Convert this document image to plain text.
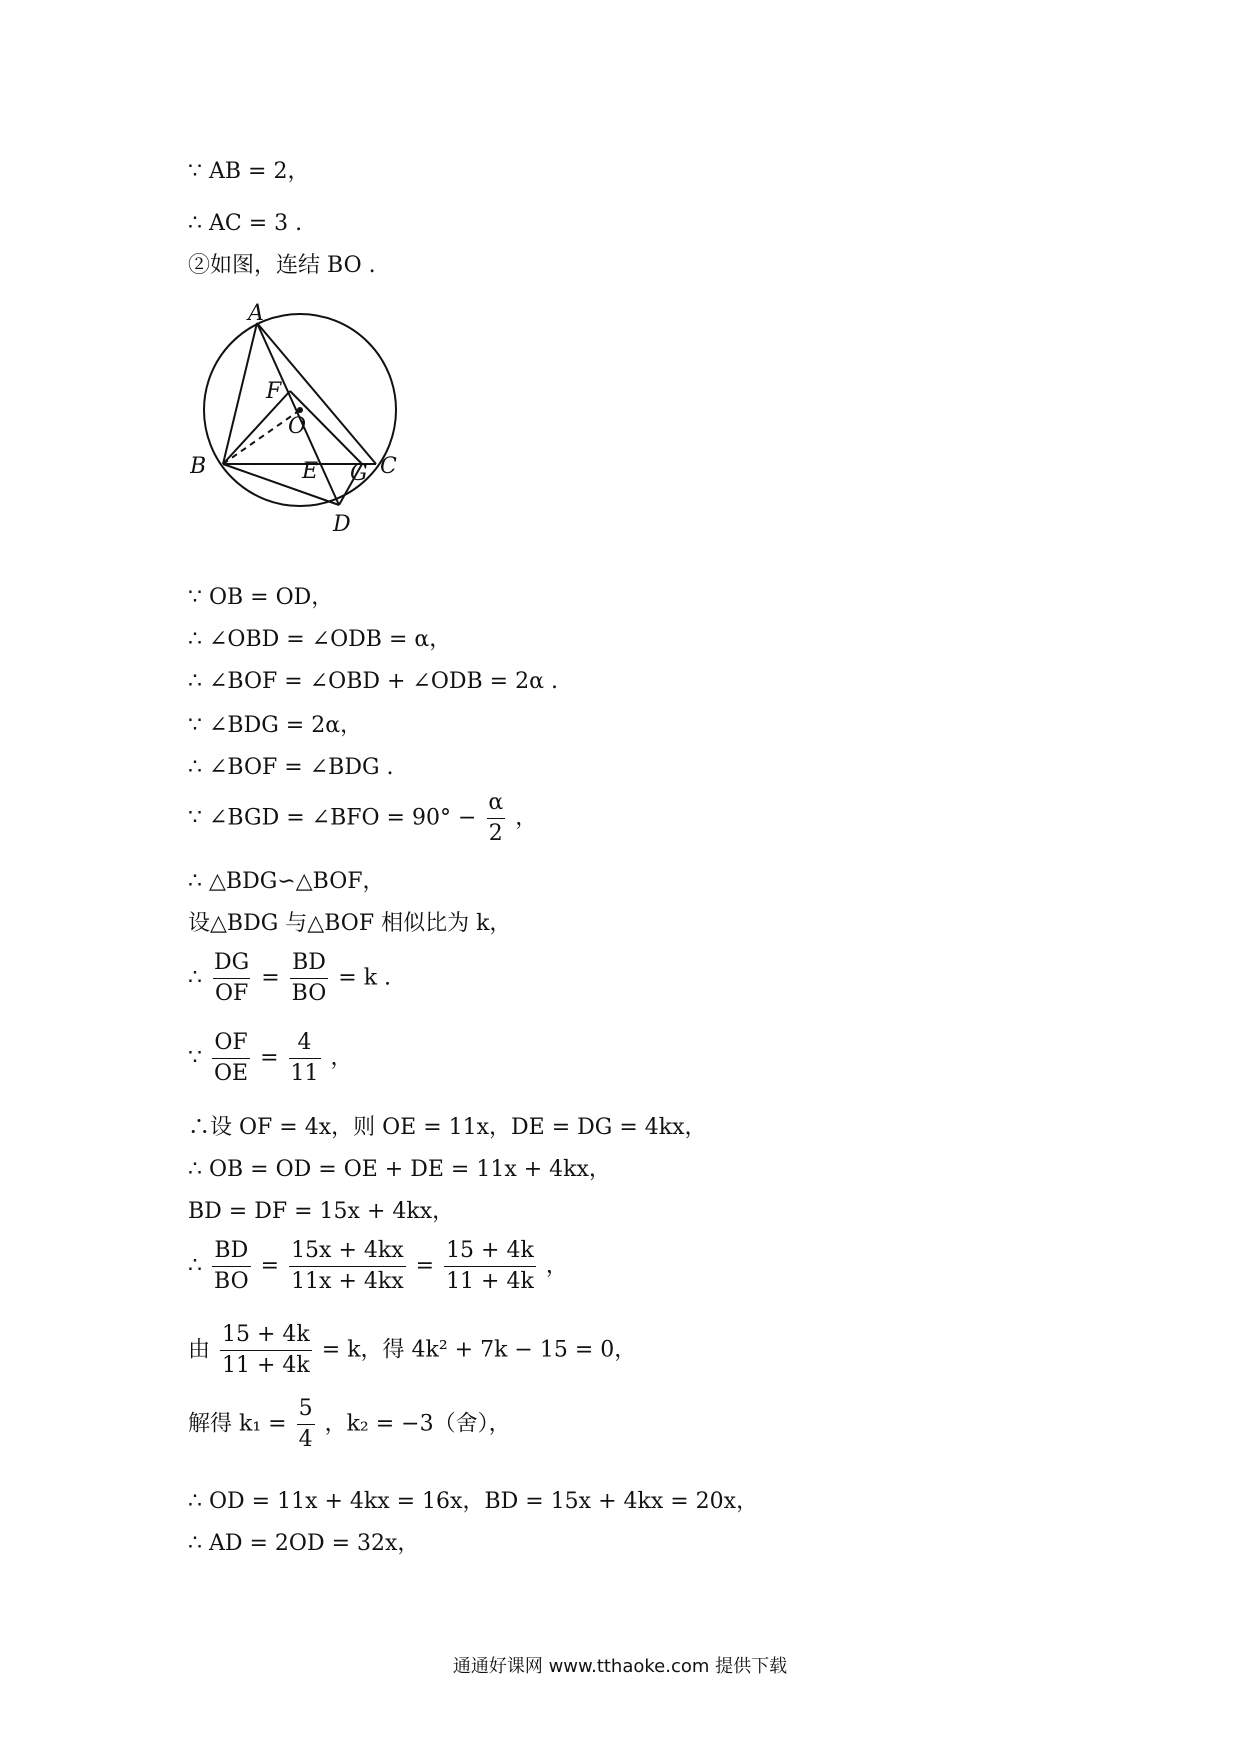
∵ AB = 2，
∴ AC = 3 .
②如图，连结 BO .
A
B	C
D
E
F
G
O
∵ OB = OD，
∴ ∠OBD = ∠ODB = α，
∴ ∠BOF = ∠OBD + ∠ODB = 2α .
∵ ∠BDG = 2α，
∴ ∠BOF = ∠BDG .
∵ ∠BGD = ∠BFO = $90^\circ - \frac{\alpha}{2}$ ，
∴ △BDG∽△BOF，
设△BDG 与△BOF 相似比为 k，
∴ $\frac{DG}{OF} = \frac{BD}{BO} = k$ .
∵ $\frac{OF}{OE} = \frac{4}{11}$ ，
∴设 OF = 4x，则 OE = 11x，DE = DG = 4kx，
∴ OB = OD = OE + DE = 11x + 4kx，
BD = DF = 15x + 4kx，
∴ $\frac{BD}{BO} = \frac{15x + 4kx}{11x + 4kx} = \frac{15 + 4k}{11 + 4k}$ ，
由 $\frac{15 + 4k}{11 + 4k} = k$，得 4k² + 7k − 15 = 0，
解得 $k_1 = \frac{5}{4}$ ，k₂ = −3（舍），
∴ OD = 11x + 4kx = 16x，BD = 15x + 4kx = 20x，
∴ AD = 2OD = 32x，
通通好课网 www.tthaoke.com 提供下载
